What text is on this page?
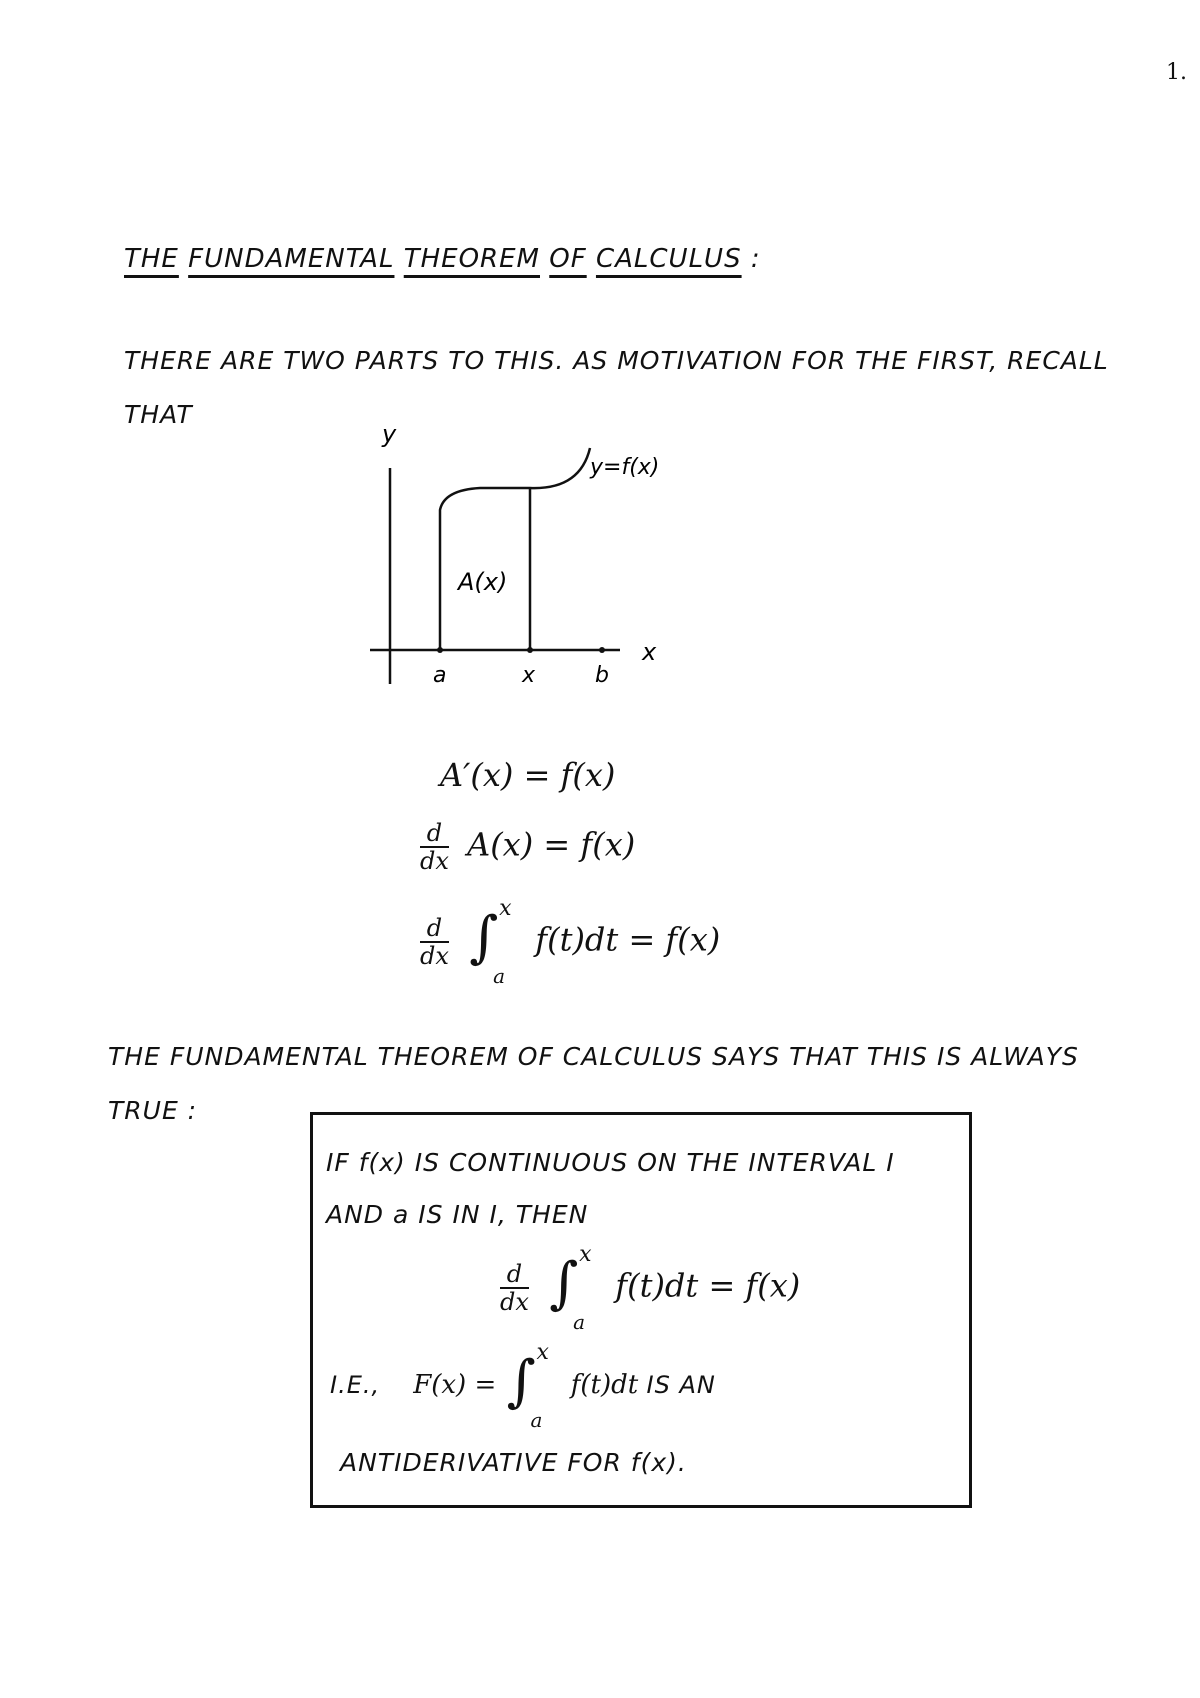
1.
THE FUNDAMENTAL THEOREM OF CALCULUS :
THERE ARE TWO PARTS TO THIS. AS MOTIVATION FOR THE FIRST, RECALL
THAT
y
x
y=f(x)
A(x)
a	x	b
A′(x) = f(x)
$\frac{d}{dx} A(x) = f(x)$
$\frac{d}{dx}$
∫ x
a
f(t)dt = f(x)
THE FUNDAMENTAL THEOREM OF CALCULUS SAYS THAT THIS IS ALWAYS
TRUE :
IF f(x) IS CONTINUOUS ON THE INTERVAL I
AND a IS IN I, THEN
$\frac{d}{dx}$
∫ x
a
f(t)dt = f(x)
I.E., F(x) = ∫ x
a
f(t)dt IS AN
ANTIDERIVATIVE FOR f(x).
